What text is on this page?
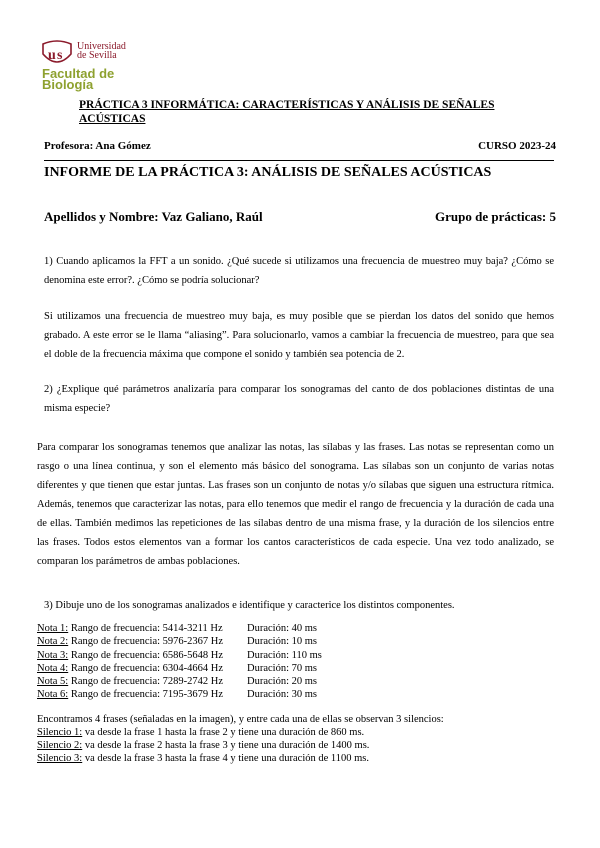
u s
Universidad
de Sevilla
Facultad de
Biología
PRÁCTICA 3 INFORMÁTICA: CARACTERÍSTICAS Y ANÁLISIS DE SEÑALES ACÚSTICAS
Profesora: Ana Gómez	CURSO 2023-24
INFORME DE LA PRÁCTICA 3: ANÁLISIS DE SEÑALES ACÚSTICAS
Apellidos y Nombre: Vaz Galiano, Raúl	Grupo de prácticas: 5
1) Cuando aplicamos la FFT a un sonido. ¿Qué sucede si utilizamos una frecuencia de muestreo muy baja? ¿Cómo se denomina este error?. ¿Cómo se podría solucionar?
Si utilizamos una frecuencia de muestreo muy baja, es muy posible que se pierdan los datos del sonido que hemos grabado. A este error se le llama “aliasing”. Para solucionarlo, vamos a cambiar la frecuencia de muestreo, para que sea el doble de la frecuencia máxima que compone el sonido y también sea potencia de 2.
2) ¿Explique qué parámetros analizaría para comparar los sonogramas del canto de dos poblaciones distintas de una misma especie?
Para comparar los sonogramas tenemos que analizar las notas, las sílabas y las frases. Las notas se representan como un rasgo o una línea continua, y son el elemento más básico del sonograma. Las sílabas son un conjunto de varias notas diferentes y que tienen que estar juntas. Las frases son un conjunto de notas y/o sílabas que siguen una estructura rítmica. Además, tenemos que caracterizar las notas, para ello tenemos que medir el rango de frecuencia y la duración de cada una de ellas. También medimos las repeticiones de las sílabas dentro de una misma frase, y la duración de los silencios entre las frases. Todos estos elementos van a formar los cantos característicos de cada especie. Una vez todo analizado, se comparan los parámetros de ambas poblaciones.
3) Dibuje uno de los sonogramas analizados e identifique y caracterice los distintos componentes.
Nota 1: Rango de frecuencia: 5414-3211 Hz Duración: 40 ms
Nota 2: Rango de frecuencia: 5976-2367 Hz Duración: 10 ms
Nota 3: Rango de frecuencia: 6586-5648 Hz Duración: 110 ms
Nota 4: Rango de frecuencia: 6304-4664 Hz Duración: 70 ms
Nota 5: Rango de frecuencia: 7289-2742 Hz Duración: 20 ms
Nota 6: Rango de frecuencia: 7195-3679 Hz Duración: 30 ms
Encontramos 4 frases (señaladas en la imagen), y entre cada una de ellas se observan 3 silencios:
Silencio 1: va desde la frase 1 hasta la frase 2 y tiene una duración de 860 ms.
Silencio 2: va desde la frase 2 hasta la frase 3 y tiene una duración de 1400 ms.
Silencio 3: va desde la frase 3 hasta la frase 4 y tiene una duración de 1100 ms.
